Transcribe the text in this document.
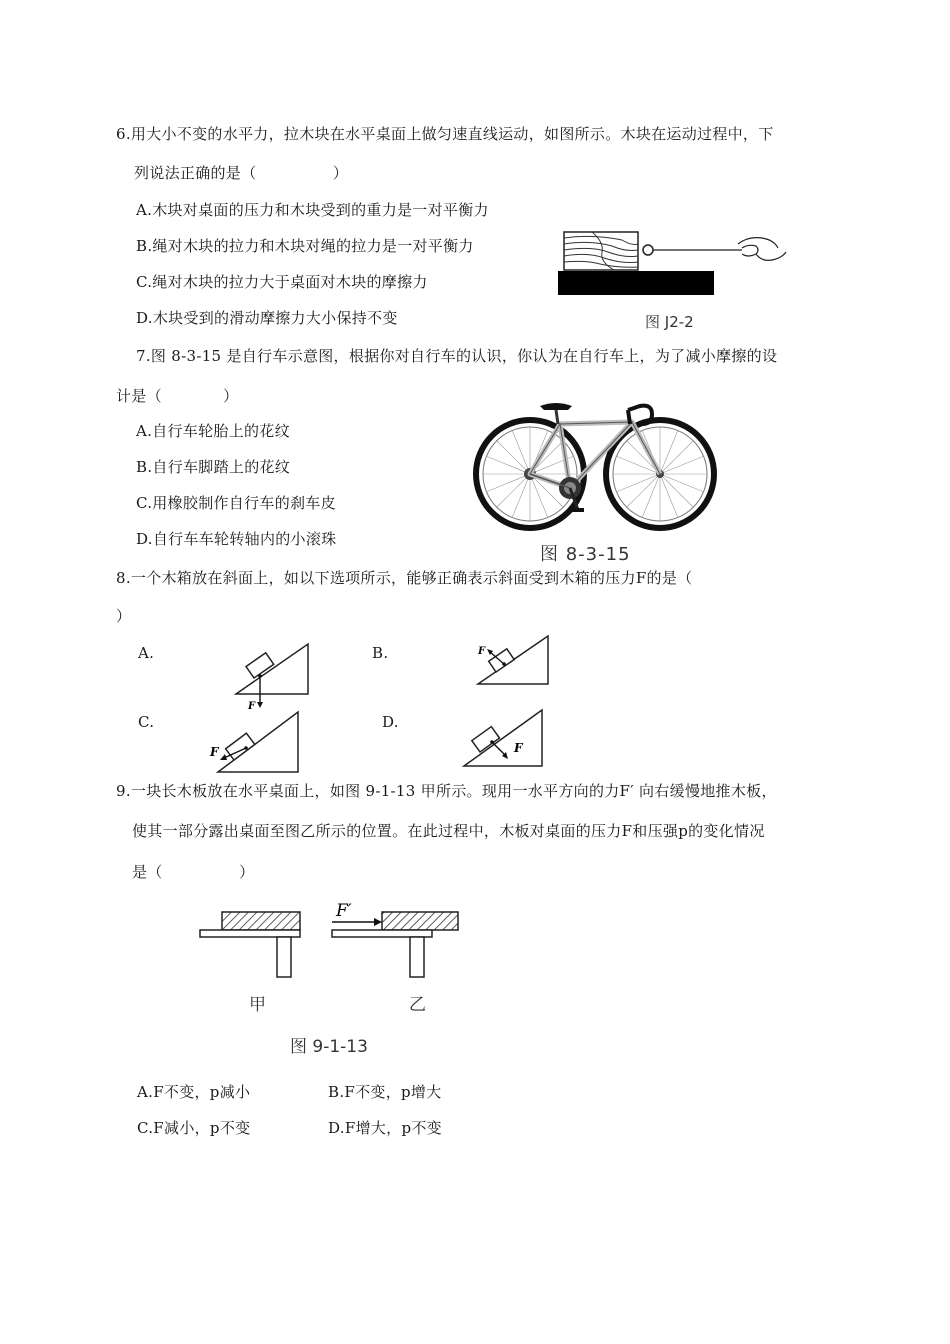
6.用大小不变的水平力，拉木块在水平桌面上做匀速直线运动，如图所示。木块在运动过程中，下
列说法正确的是（　　　　　）
A.木块对桌面的压力和木块受到的重力是一对平衡力
B.绳对木块的拉力和木块对绳的拉力是一对平衡力
C.绳对木块的拉力大于桌面对木块的摩擦力
D.木块受到的滑动摩擦力大小保持不变	图 J2-2
7.图 8-3-15 是自行车示意图，根据你对自行车的认识，你认为在自行车上，为了减小摩擦的设
计是（　　　　）
A.自行车轮胎上的花纹
B.自行车脚踏上的花纹
C.用橡胶制作自行车的刹车皮
D.自行车车轮转轴内的小滚珠
图 8-3-15
8.一个木箱放在斜面上，如以下选项所示，能够正确表示斜面受到木箱的压力F的是（
）
A.
F
B.	F
C.
F
D.
F
9.一块长木板放在水平桌面上，如图 9-1-13 甲所示。现用一水平方向的力F′ 向右缓慢地推木板，
使其一部分露出桌面至图乙所示的位置。在此过程中，木板对桌面的压力F和压强p的变化情况
是（　　　　　）
F′
甲	乙
图 9-1-13
A.F不变，p减小	B.F不变，p增大
C.F减小，p不变	D.F增大，p不变
